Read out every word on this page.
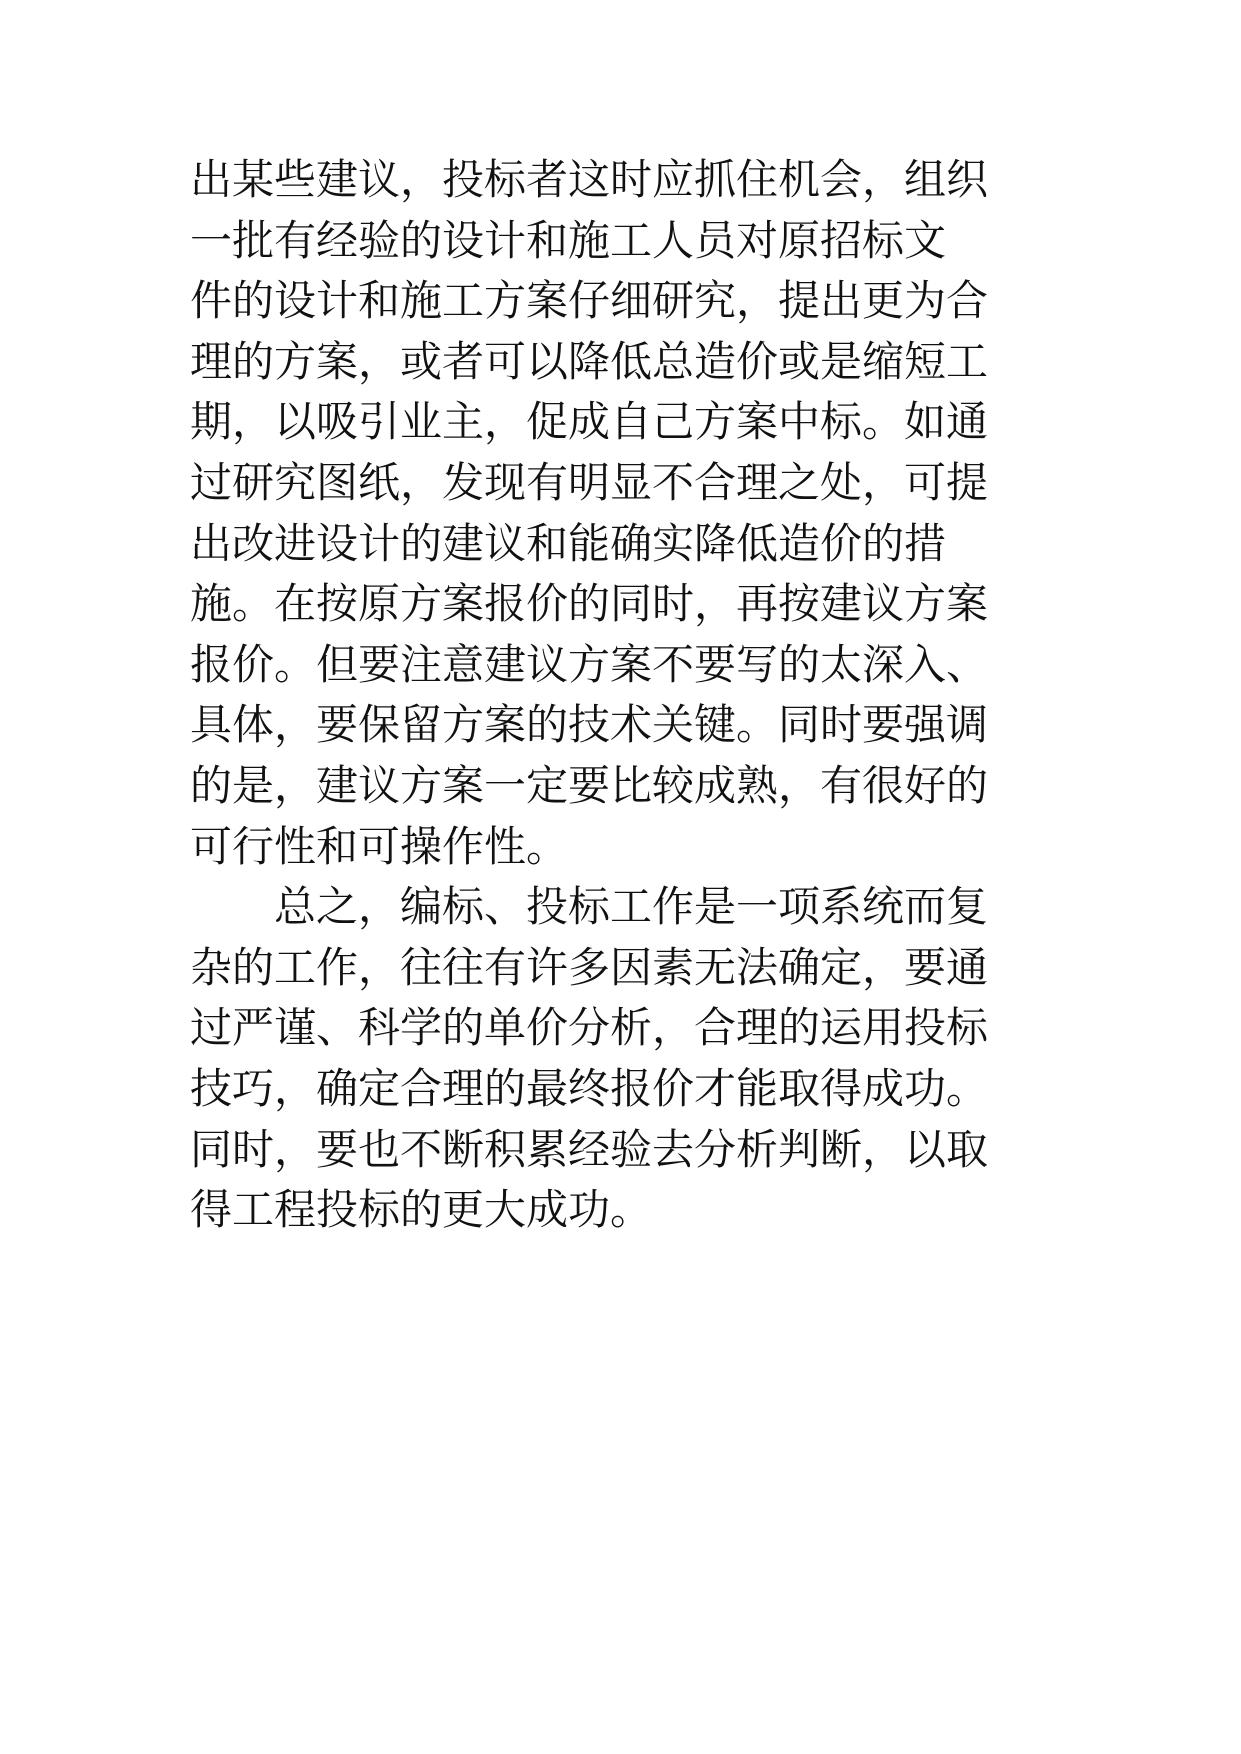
出某些建议，投标者这时应抓住机会，组织
一批有经验的设计和施工人员对原招标文
件的设计和施工方案仔细研究，提出更为合
理的方案，或者可以降低总造价或是缩短工
期，以吸引业主，促成自己方案中标。如通
过研究图纸，发现有明显不合理之处，可提
出改进设计的建议和能确实降低造价的措
施。在按原方案报价的同时，再按建议方案
报价。但要注意建议方案不要写的太深入、
具体，要保留方案的技术关键。同时要强调
的是，建议方案一定要比较成熟，有很好的
可行性和可操作性。
　　总之，编标、投标工作是一项系统而复
杂的工作，往往有许多因素无法确定，要通
过严谨、科学的单价分析，合理的运用投标
技巧，确定合理的最终报价才能取得成功。
同时，要也不断积累经验去分析判断，以取
得工程投标的更大成功。
